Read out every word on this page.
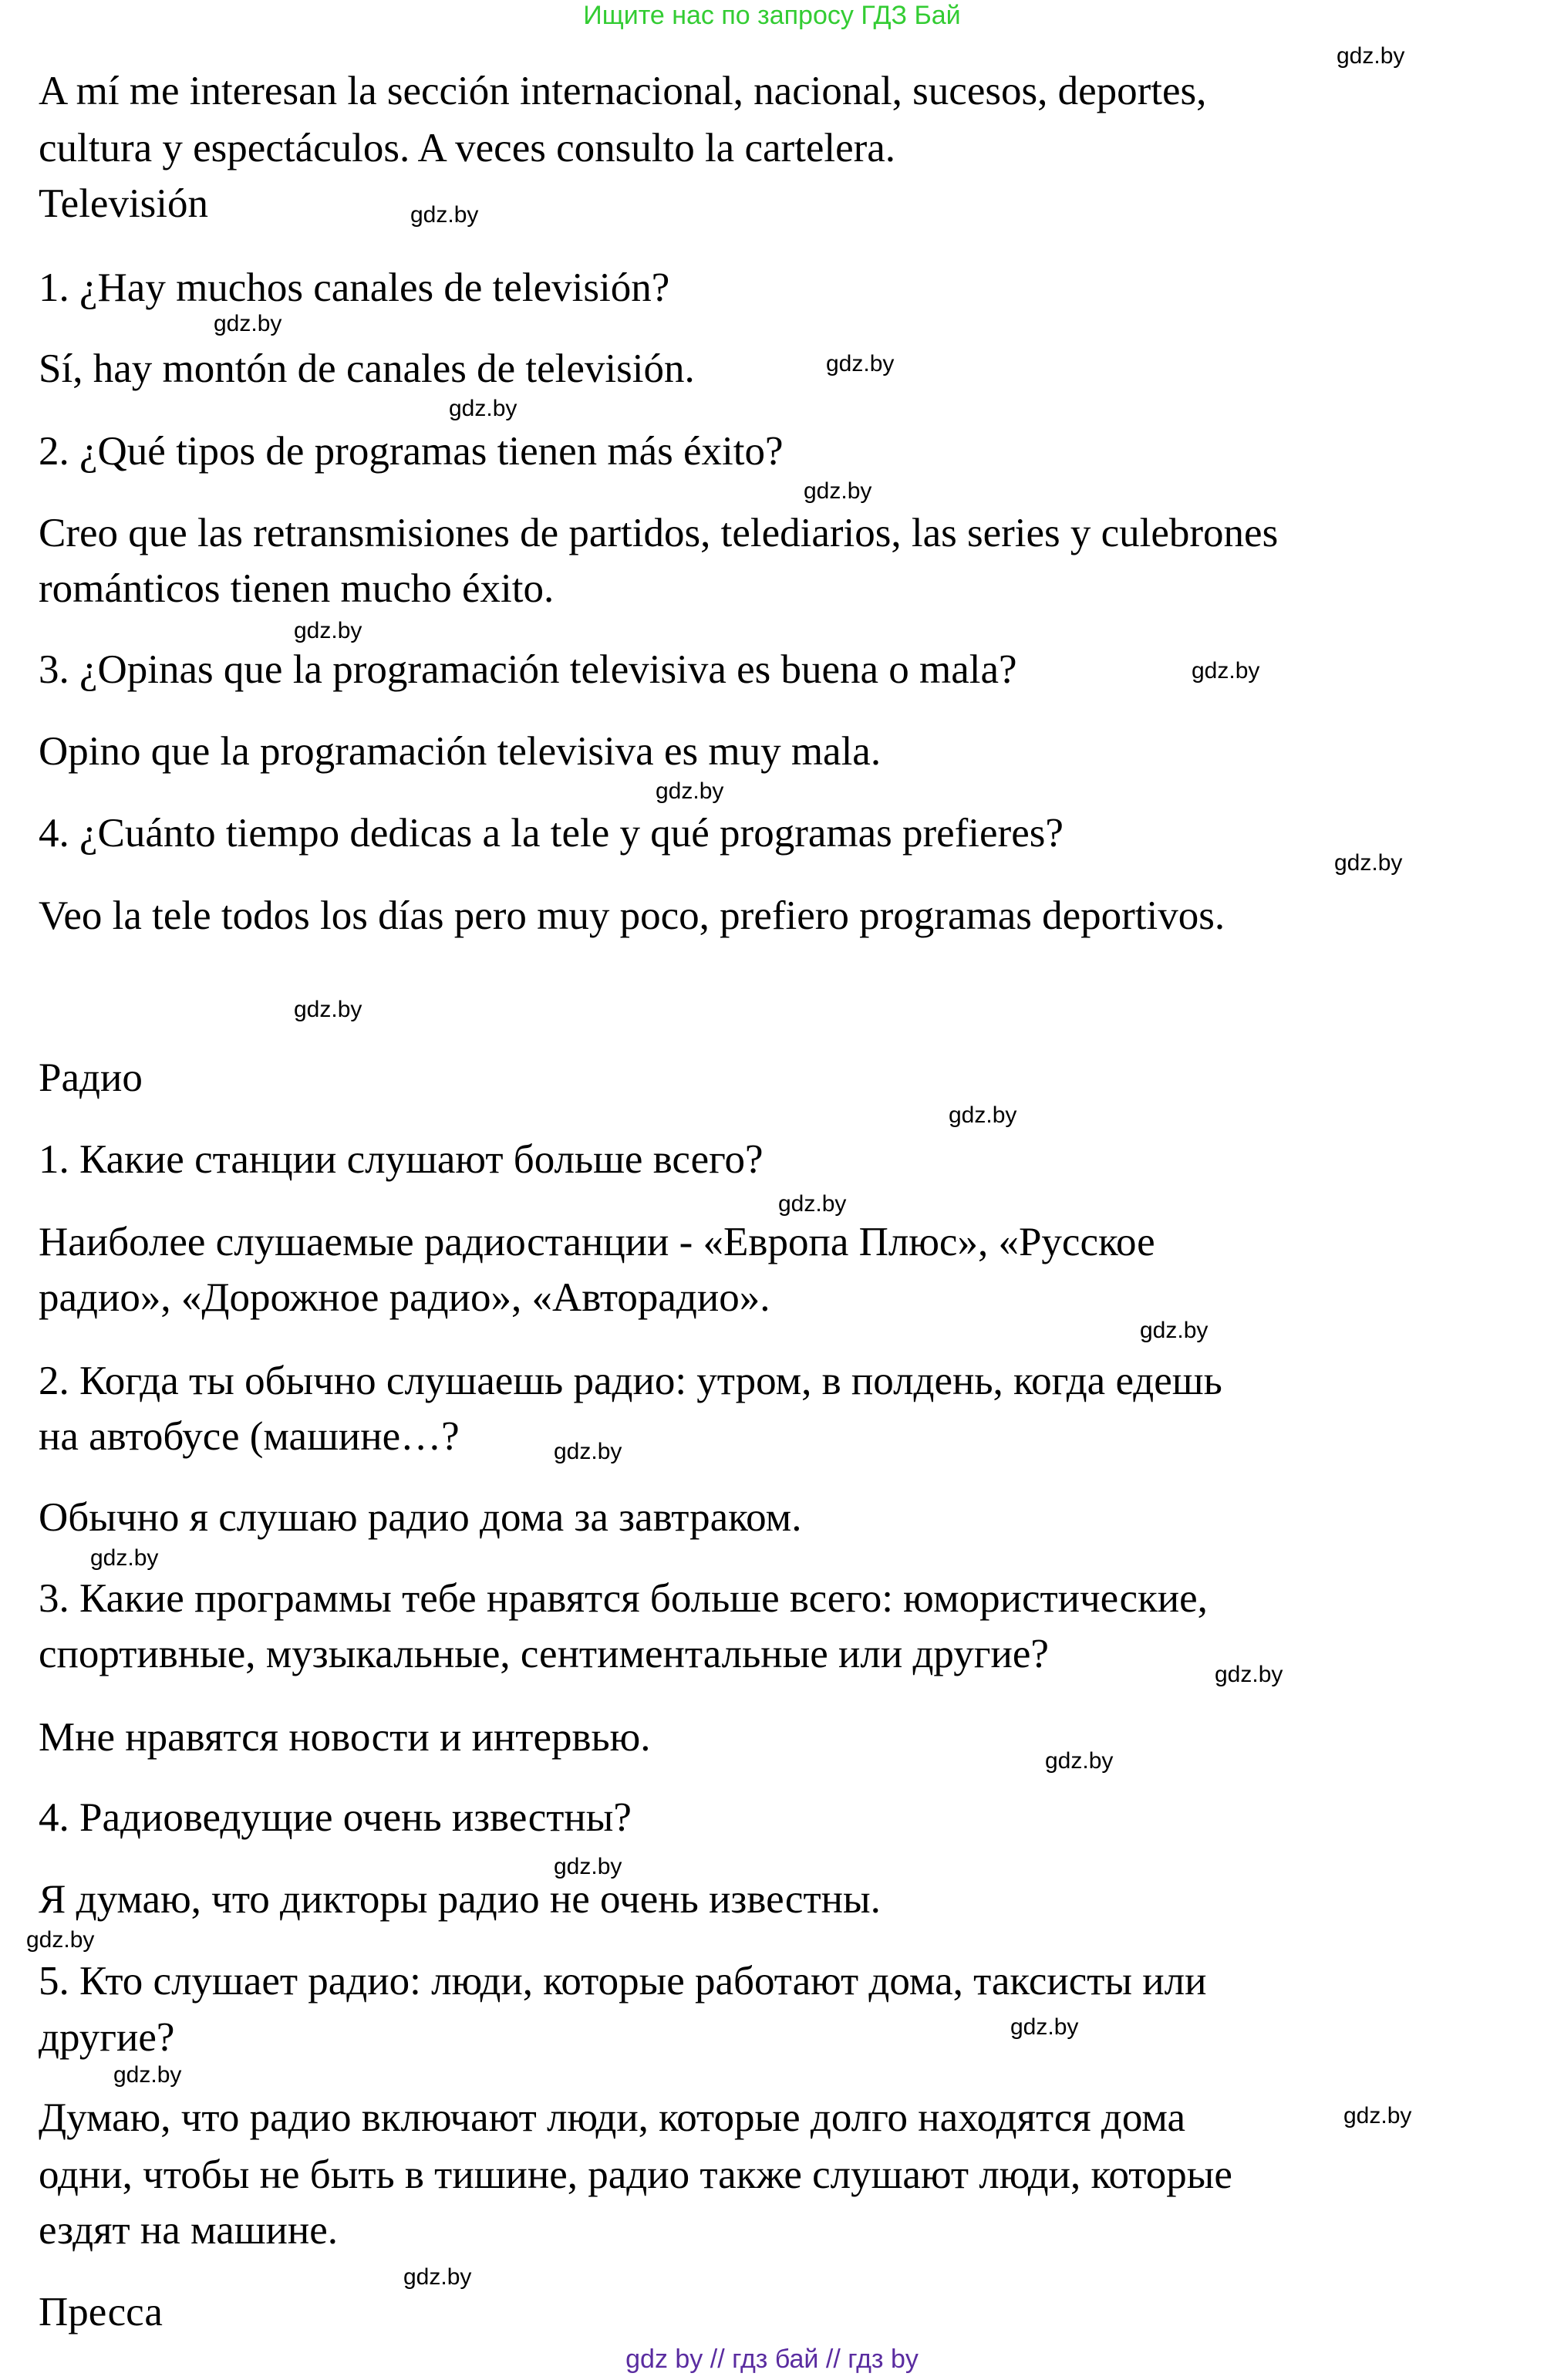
Ищите нас по запросу ГДЗ Бай
A mí me interesan la sección internacional, nacional, sucesos, deportes,
cultura y espectáculos. A veces consulto la cartelera.
Televisión
1. ¿Hay muchos canales de televisión?
Sí, hay montón de canales de televisión.
2. ¿Qué tipos de programas tienen más éxito?
Creo que las retransmisiones de partidos, telediarios, las series y culebrones
románticos tienen mucho éxito.
3. ¿Opinas que la programación televisiva es buena o mala?
Opino que la programación televisiva es muy mala.
4. ¿Cuánto tiempo dedicas a la tele y qué programas prefieres?
Veo la tele todos los días pero muy poco, prefiero programas deportivos.
Радио
1. Какие станции слушают больше всего?
Наиболее слушаемые радиостанции - «Европа Плюс», «Русское
радио», «Дорожное радио», «Авторадио».
2. Когда ты обычно слушаешь радио: утром, в полдень, когда едешь
на автобусе (машине…?
Обычно я слушаю радио дома за завтраком.
3. Какие программы тебе нравятся больше всего: юмористические,
спортивные, музыкальные, сентиментальные или другие?
Мне нравятся новости и интервью.
4. Радиоведущие очень известны?
Я думаю, что дикторы радио не очень известны.
5. Кто слушает радио: люди, которые работают дома, таксисты или
другие?
Думаю, что радио включают люди, которые долго находятся дома
одни, чтобы не быть в тишине, радио также слушают люди, которые
ездят на машине.
Пресса
gdz.by
gdz.by
gdz.by
gdz.by
gdz.by
gdz.by
gdz.by
gdz.by
gdz.by
gdz.by
gdz.by
gdz.by
gdz.by
gdz.by
gdz.by
gdz.by
gdz.by
gdz.by
gdz.by
gdz.by
gdz.by
gdz.by
gdz.by
gdz.by
gdz by // гдз бай // гдз by
